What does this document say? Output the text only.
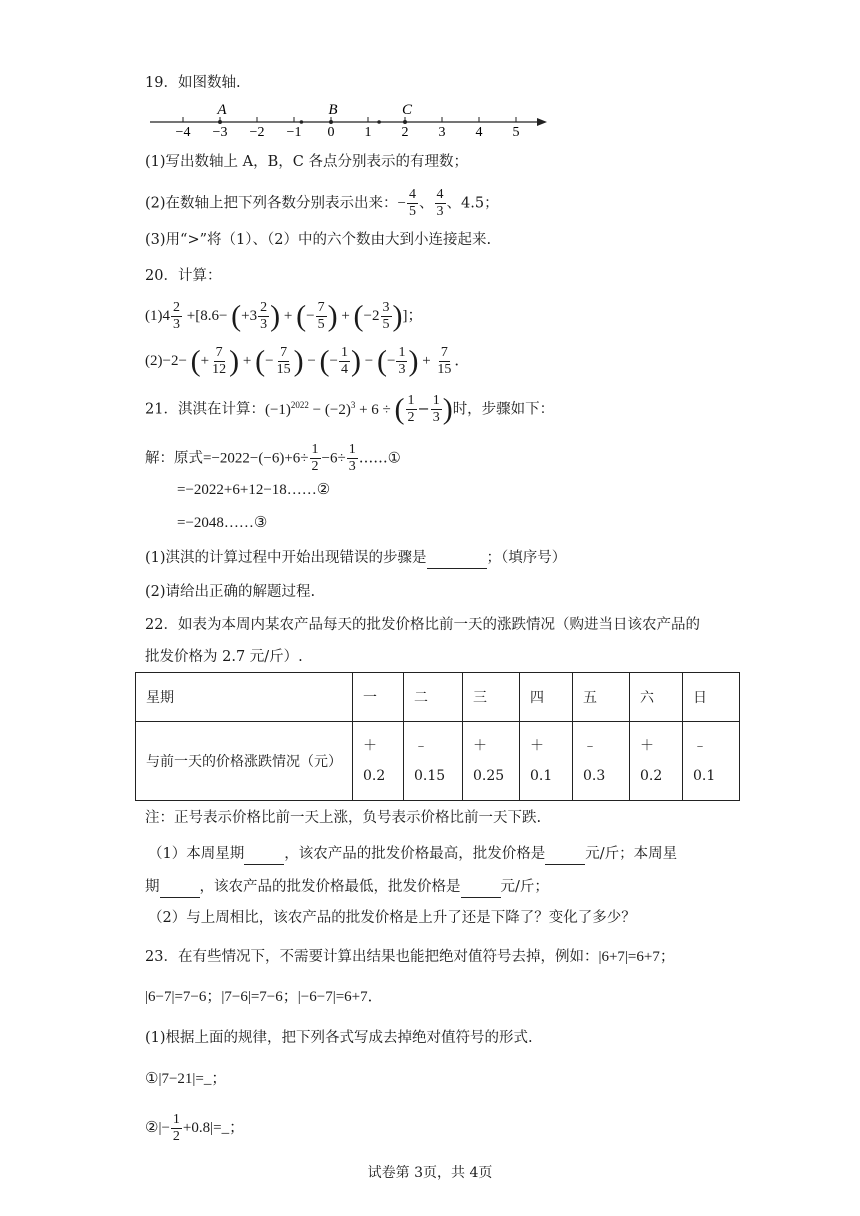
19．如图数轴.
−4 −3 −2 −1 0 1 2 3 4 5
A	B	C
(1)写出数轴上 A，B，C 各点分别表示的有理数；
(2)在数轴上把下列各数分别表示出来：− $\frac{4}{5}$ 、 $\frac{4}{3}$ 、4.5；
(3)用“>”将（1）、（2）中的六个数由大到小连接起来.
20．计算：
$(1)4 \frac{2}{3} +[8.6- (+3 \frac{2}{3}$ ) + (− $\frac{7}{5}$ ) + ($-2 \frac{3}{5}$ )]；
(2)−2− (+ $\frac{7}{12}$ ) + (− $\frac{7}{15}$ ) − (− $\frac{1}{4}$ ) − (− $\frac{1}{3}$ ) + $\frac{7}{15}$ ．
21．淇淇在计算：$(-1)^{2022} - (-2)^3 + 6$ ÷ ( $\frac{1}{2} - \frac{1}{3}$ )时，步骤如下：
解：原式$=-2022-(-6)+6\div \frac{1}{2} -6\div \frac{1}{3}$ ……①
=−2022+6+12−18……②
=−2048……③
(1)淇淇的计算过程中开始出现错误的步骤是	；（填序号）
(2)请给出正确的解题过程.
22．如表为本周内某农产品每天的批发价格比前一天的涨跌情况（购进当日该农产品的
批发价格为 2.7 元/斤）.
星期	一	二	三	四	五	六	日
与前一天的价格涨跌情况（元）	＋ 0.2	﹣0.15	＋ 0.25	＋ 0.1	﹣0.3	＋ 0.2	﹣0.1
注：正号表示价格比前一天上涨，负号表示价格比前一天下跌.
（1）本周星期	，该农产品的批发价格最高，批发价格是	元/斤；本周星
期	，该农产品的批发价格最低，批发价格是	元/斤；
（2）与上周相比，该农产品的批发价格是上升了还是下降了？变化了多少？
23．在有些情况下，不需要计算出结果也能把绝对值符号去掉，例如：|6+7|=6+7；
|6−7|=7−6；|7−6|=7−6；|−6−7|=6+7．
(1)根据上面的规律，把下列各式写成去掉绝对值符号的形式.
①|7−21|=_；
②|− $\frac{1}{2}$ +0.8|=_；
试卷第 3页，共 4页
